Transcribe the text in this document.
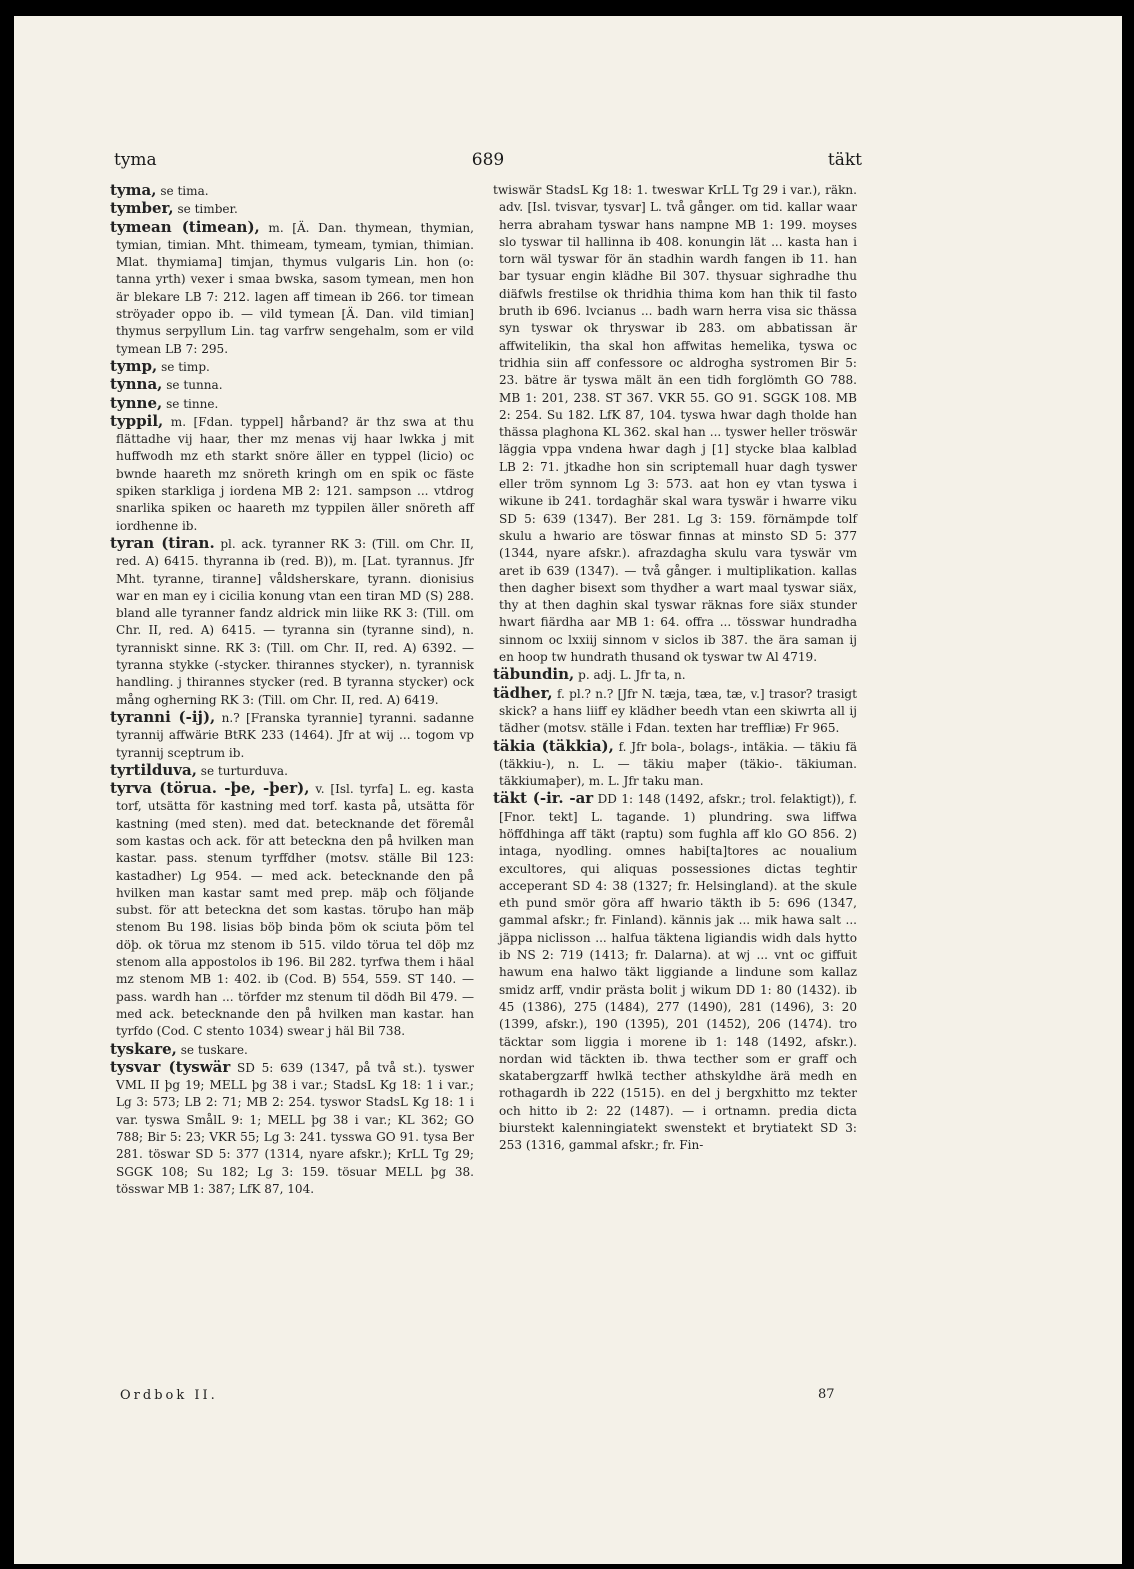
tyma	689	täkt

tyma, se tima.

tymber, se timber.

tymean (timean), m. [Ä. Dan. thymean, thymian, tymian, timian. Mht. thimeam, tymeam, tymian, thimian. Mlat. thymiama] timjan, thymus vulgaris Lin. hon (o: tanna yrth) vexer i smaa bwska, sasom tymean, men hon är blekare LB 7: 212. lagen aff timean ib 266. tor timean ströyader oppo ib. — vild tymean [Ä. Dan. vild timian] thymus serpyllum Lin. tag varfrw sengehalm, som er vild tymean LB 7: 295.

tymp, se timp.

tynna, se tunna.

tynne, se tinne.

typpil, m. [Fdan. typpel] hårband? är thz swa at thu flättadhe vij haar, ther mz menas vij haar lwkka j mit huffwodh mz eth starkt snöre äller en typpel (licio) oc bwnde haareth mz snöreth kringh om en spik oc fäste spiken starkliga j iordena MB 2: 121. sampson ... vtdrog snarlika spiken oc haareth mz typpilen äller snöreth aff iordhenne ib.

tyran (tiran. pl. ack. tyranner RK 3: (Till. om Chr. II, red. A) 6415. thyranna ib (red. B)), m. [Lat. tyrannus. Jfr Mht. tyranne, tiranne] våldsherskare, tyrann. dionisius war en man ey i cicilia konung vtan een tiran MD (S) 288. bland alle tyranner fandz aldrick min liike RK 3: (Till. om Chr. II, red. A) 6415. — tyranna sin (tyranne sind), n. tyranniskt sinne. RK 3: (Till. om Chr. II, red. A) 6392. — tyranna stykke (-stycker. thirannes stycker), n. tyrannisk handling. j thirannes stycker (red. B tyranna stycker) ock mång ogherning RK 3: (Till. om Chr. II, red. A) 6419.

tyranni (-ij), n.? [Franska tyrannie] tyranni. sadanne tyrannij affwärie BtRK 233 (1464). Jfr at wij ... togom vp tyrannij sceptrum ib.

tyrtilduva, se turturduva.

tyrva (törua. -þe, -þer), v. [Isl. tyrfa] L. eg. kasta torf, utsätta för kastning med torf. kasta på, utsätta för kastning (med sten). med dat. betecknande det föremål som kastas och ack. för att beteckna den på hvilken man kastar. pass. stenum tyrffdher (motsv. ställe Bil 123: kastadher) Lg 954. — med ack. betecknande den på hvilken man kastar samt med prep. mäþ och följande subst. för att beteckna det som kastas. töruþo han mäþ stenom Bu 198. lisias böþ binda þöm ok sciuta þöm tel döþ. ok törua mz stenom ib 515. vildo törua tel döþ mz stenom alla appostolos ib 196. Bil 282. tyrfwa them i häal mz stenom MB 1: 402. ib (Cod. B) 554, 559. ST 140. — pass. wardh han ... törfder mz stenum til dödh Bil 479. — med ack. betecknande den på hvilken man kastar. han tyrfdo (Cod. C stento 1034) swear j häl Bil 738.

tyskare, se tuskare.

tysvar (tyswär SD 5: 639 (1347, på två st.). tyswer VML II þg 19; MELL þg 38 i var.; StadsL Kg 18: 1 i var.; Lg 3: 573; LB 2: 71; MB 2: 254. tyswor StadsL Kg 18: 1 i var. tyswa SmålL 9: 1; MELL þg 38 i var.; KL 362; GO 788; Bir 5: 23; VKR 55; Lg 3: 241. tysswa GO 91. tysa Ber 281. töswar SD 5: 377 (1314, nyare afskr.); KrLL Tg 29; SGGK 108; Su 182; Lg 3: 159. tösuar MELL þg 38. tösswar MB 1: 387; LfK 87, 104.

twiswär StadsL Kg 18: 1. tweswar KrLL Tg 29 i var.), räkn. adv. [Isl. tvisvar, tysvar] L. två gånger. om tid. kallar waar herra abraham tyswar hans nampne MB 1: 199. moyses slo tyswar til hallinna ib 408. konungin lät ... kasta han i torn wäl tyswar för än stadhin wardh fangen ib 11. han bar tysuar engin klädhe Bil 307. thysuar sighradhe thu diäfwls frestilse ok thridhia thima kom han thik til fasto bruth ib 696. lvcianus ... badh warn herra visa sic thässa syn tyswar ok thryswar ib 283. om abbatissan är affwitelikin, tha skal hon affwitas hemelika, tyswa oc tridhia siin aff confessore oc aldrogha systromen Bir 5: 23. bätre är tyswa mält än een tidh forglömth GO 788. MB 1: 201, 238. ST 367. VKR 55. GO 91. SGGK 108. MB 2: 254. Su 182. LfK 87, 104. tyswa hwar dagh tholde han thässa plaghona KL 362. skal han ... tyswer heller tröswär läggia vppa vndena hwar dagh j [1] stycke blaa kalblad LB 2: 71. jtkadhe hon sin scriptemall huar dagh tyswer eller tröm synnom Lg 3: 573. aat hon ey vtan tyswa i wikune ib 241. tordaghär skal wara tyswär i hwarre viku SD 5: 639 (1347). Ber 281. Lg 3: 159. förnämpde tolf skulu a hwario are töswar finnas at minsto SD 5: 377 (1344, nyare afskr.). afrazdagha skulu vara tyswär vm aret ib 639 (1347). — två gånger. i multiplikation. kallas then dagher bisext som thydher a wart maal tyswar siäx, thy at then daghin skal tyswar räknas fore siäx stunder hwart fiärdha aar MB 1: 64. offra ... tösswar hundradha sinnom oc lxxiij sinnom v siclos ib 387. the ära saman ij en hoop tw hundrath thusand ok tyswar tw Al 4719.

täbundin, p. adj. L. Jfr ta, n.

tädher, f. pl.? n.? [Jfr N. tæja, tæa, tæ, v.] trasor? trasigt skick? a hans liiff ey klädher beedh vtan een skiwrta all ij tädher (motsv. ställe i Fdan. texten har treffliæ) Fr 965.

täkia (täkkia), f. Jfr bola-, bolags-, intäkia. — täkiu fä (täkkiu-), n. L. — täkiu maþer (täkio-. täkiuman. täkkiumaþer), m. L. Jfr taku man.

täkt (-ir. -ar DD 1: 148 (1492, afskr.; trol. felaktigt)), f. [Fnor. tekt] L. tagande. 1) plundring. swa liffwa höffdhinga aff täkt (raptu) som fughla aff klo GO 856. 2) intaga, nyodling. omnes habi[ta]tores ac noualium excultores, qui aliquas possessiones dictas teghtir acceperant SD 4: 38 (1327; fr. Helsingland). at the skule eth pund smör göra aff hwario täkth ib 5: 696 (1347, gammal afskr.; fr. Finland). kännis jak ... mik hawa salt ... jäppa niclisson ... halfua täktena ligiandis widh dals hytto ib NS 2: 719 (1413; fr. Dalarna). at wj ... vnt oc giffuit hawum ena halwo täkt liggiande a lindune som kallaz smidz arff, vndir prästa bolit j wikum DD 1: 80 (1432). ib 45 (1386), 275 (1484), 277 (1490), 281 (1496), 3: 20 (1399, afskr.), 190 (1395), 201 (1452), 206 (1474). tro täcktar som liggia i morene ib 1: 148 (1492, afskr.). nordan wid täckten ib. thwa tecther som er graff och skatabergzarff hwlkä tecther athskyldhe ärä medh en rothagardh ib 222 (1515). en del j bergxhitto mz tekter och hitto ib 2: 22 (1487). — i ortnamn. predia dicta biurstekt kalenningiatekt swenstekt et brytiatekt SD 3: 253 (1316, gammal afskr.; fr. Fin-

Ordbok II.	87
